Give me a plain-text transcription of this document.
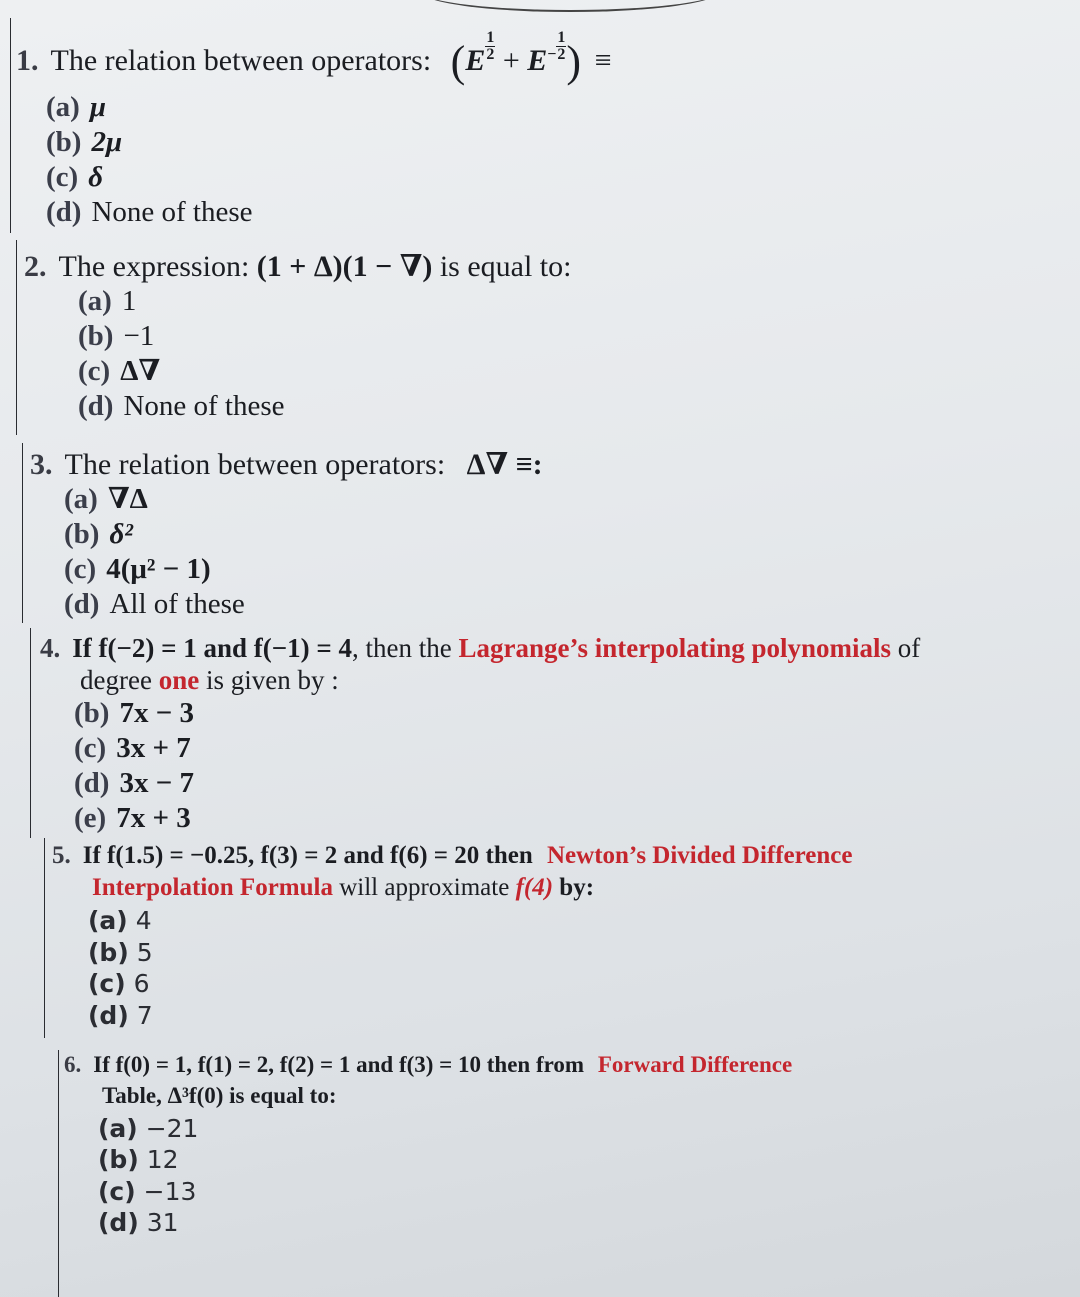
1. The relation between operators: ($E \frac{1}{2} + E^- \frac{1}{2}$ ) ≡
(a) μ
(b) 2μ
(c) δ
(d) None of these
2. The expression: (1 + Δ)(1 − ∇) is equal to:
(a) 1
(b) −1
(c) Δ∇
(d) None of these
3. The relation between operators: Δ∇ ≡:
(a) ∇Δ
(b) δ²
(c) 4(μ² − 1)
(d) All of these
4. If f(−2) = 1 and f(−1) = 4, then the Lagrange’s interpolating polynomials of
degree one is given by :
(b) 7x − 3
(c) 3x + 7
(d) 3x − 7
(e) 7x + 3
5. If f(1.5) = −0.25, f(3) = 2 and f(6) = 20 then Newton’s Divided Difference
Interpolation Formula will approximate f(4) by:
(a) 4
(b) 5
(c) 6
(d) 7
6. If f(0) = 1, f(1) = 2, f(2) = 1 and f(3) = 10 then from Forward Difference
Table, Δ³f(0) is equal to:
(a) −21
(b) 12
(c) −13
(d) 31
